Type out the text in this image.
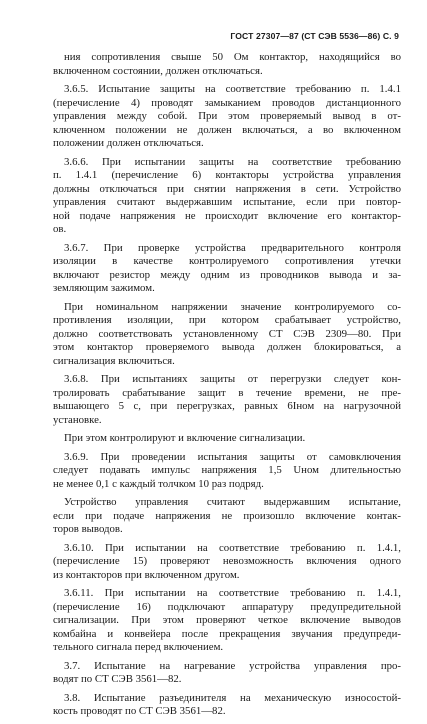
ГОСТ 27307—87 (СТ СЭВ 5536—86) С. 9
ния сопротивления свыше 50 Ом контактор, находящийся во
включенном состоянии, должен отключаться.
3.6.5. Испытание защиты на соответствие требованию п. 1.4.1
(перечисление 4) проводят замыканием проводов дистанционного
управления между собой. При этом проверяемый вывод в от-
ключенном положении не должен включаться, а во включенном
положении должен отключаться.
3.6.6. При испытании защиты на соответствие требованию
п. 1.4.1 (перечисление 6) контакторы устройства управления
должны отключаться при снятии напряжения в сети. Устройство
управления считают выдержавшим испытание, если при повтор-
ной подаче напряжения не происходит включение его контактор-
ов.
3.6.7. При проверке устройства предварительного контроля
изоляции в качестве контролируемого сопротивления утечки
включают резистор между одним из проводников вывода и за-
земляющим зажимом.
При номинальном напряжении значение контролируемого со-
противления изоляции, при котором срабатывает устройство,
должно соответствовать установленному СТ СЭВ 2309—80. При
этом контактор проверяемого вывода должен блокироваться, а
сигнализация включиться.
3.6.8. При испытаниях защиты от перегрузки следует кон-
тролировать срабатывание защит в течение времени, не пре-
вышающего 5 с, при перегрузках, равных 6Iном на нагрузочной
установке.
При этом контролируют и включение сигнализации.
3.6.9. При проведении испытания защиты от самовключения
следует подавать импульс напряжения 1,5 Uном длительностью
не менее 0,1 с каждый толчком 10 раз подряд.
Устройство управления считают выдержавшим испытание,
если при подаче напряжения не произошло включение контак-
торов выводов.
3.6.10. При испытании на соответствие требованию п. 1.4.1,
(перечисление 15) проверяют невозможность включения одного
из контакторов при включенном другом.
3.6.11. При испытании на соответствие требованию п. 1.4.1,
(перечисление 16) подключают аппаратуру предупредительной
сигнализации. При этом проверяют четкое включение выводов
комбайна и конвейера после прекращения звучания предупреди-
тельного сигнала перед включением.
3.7. Испытание на нагревание устройства управления про-
водят по СТ СЭВ 3561—82.
3.8. Испытание разъединителя на механическую износостой-
кость проводят по СТ СЭВ 3561—82.
